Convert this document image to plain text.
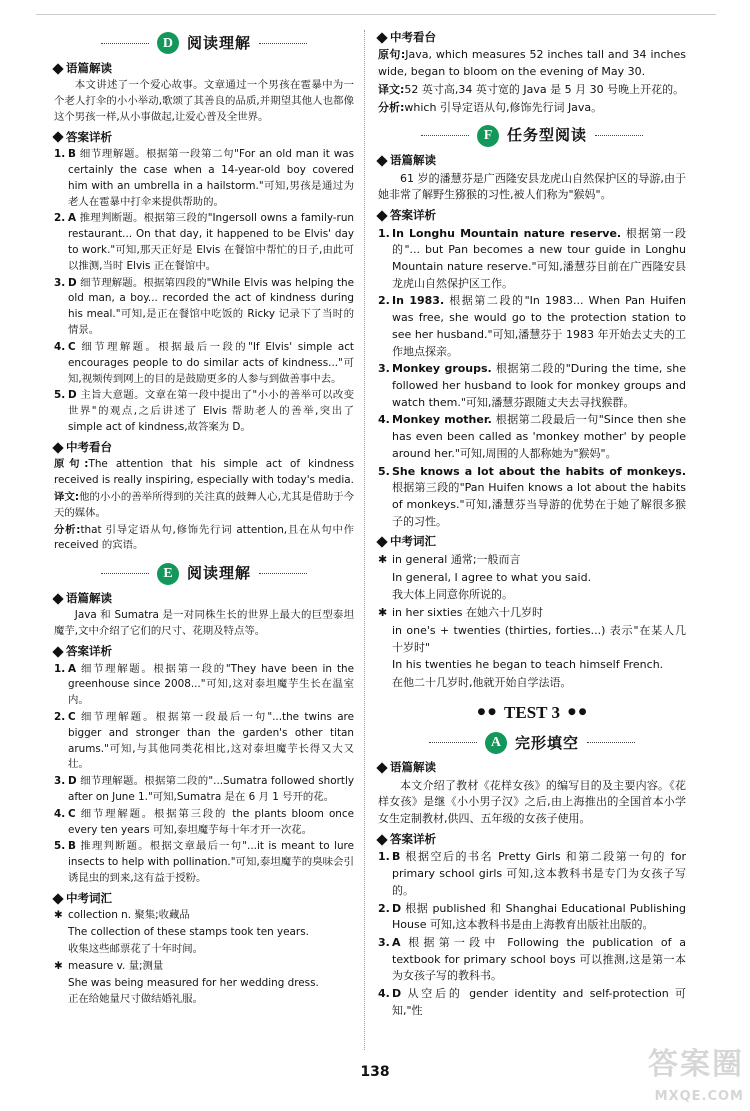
D 阅读理解
语篇解读

本文讲述了一个爱心故事。文章通过一个男孩在雹暴中为一个老人打伞的小小举动,歌颂了其善良的品质,并期望其他人也都像这个男孩一样,从小事做起,让爱心普及全世界。

答案详析
1. B 细节理解题。根据第一段第二句"For an old man it was certainly the case when a 14-year-old boy covered him with an umbrella in a hailstorm."可知,男孩是通过为老人在雹暴中打伞来提供帮助的。
2. A 推理判断题。根据第三段的"Ingersoll owns a family-run restaurant... On that day, it happened to be Elvis' day to work."可知,那天正好是 Elvis 在餐馆中帮忙的日子,由此可以推测,当时 Elvis 正在餐馆中。
3. D 细节理解题。根据第四段的"While Elvis was helping the old man, a boy... recorded the act of kindness during his meal."可知,是正在餐馆中吃饭的 Ricky 记录下了当时的情景。
4. C 细节理解题。根据最后一段的"If Elvis' simple act encourages people to do similar acts of kindness..."可知,视频传到网上的目的是鼓励更多的人参与到做善事中去。
5. D 主旨大意题。文章在第一段中提出了"小小的善举可以改变世界"的观点,之后讲述了 Elvis 帮助老人的善举,突出了 simple act of kindness,故答案为 D。
中考看台
原句:The attention that his simple act of kindness received is really inspiring, especially with today's media.
译文:他的小小的善举所得到的关注真的鼓舞人心,尤其是借助于今天的媒体。
分析:that 引导定语从句,修饰先行词 attention,且在从句中作 received 的宾语。
E 阅读理解
语篇解读

Java 和 Sumatra 是一对同株生长的世界上最大的巨型泰坦魔芋,文中介绍了它们的尺寸、花期及特点等。

答案详析
1. A 细节理解题。根据第一段的"They have been in the greenhouse since 2008..."可知,这对泰坦魔芋生长在温室内。
2. C 细节理解题。根据第一段最后一句"...the twins are bigger and stronger than the garden's other titan arums."可知,与其他同类花相比,这对泰坦魔芋长得又大又壮。
3. D 细节理解题。根据第二段的"...Sumatra followed shortly after on June 1."可知,Sumatra 是在 6 月 1 号开的花。
4. C 细节理解题。根据第三段的 the plants bloom once every ten years 可知,泰坦魔芋每十年才开一次花。
5. B 推理判断题。根据文章最后一句"...it is meant to lure insects to help with pollination."可知,泰坦魔芋的臭味会引诱昆虫的到来,这有益于授粉。
中考词汇
✱ collection n. 聚集;收藏品
The collection of these stamps took ten years.
收集这些邮票花了十年时间。
✱ measure v. 量;测量
She was being measured for her wedding dress.
正在给她量尺寸做结婚礼服。
中考看台
原句:Java, which measures 52 inches tall and 34 inches wide, began to bloom on the evening of May 30.
译文:52 英寸高,34 英寸宽的 Java 是 5 月 30 号晚上开花的。
分析:which 引导定语从句,修饰先行词 Java。
F 任务型阅读
语篇解读

61 岁的潘慧芬是广西隆安县龙虎山自然保护区的导游,由于她非常了解野生猕猴的习性,被人们称为"猴妈"。

答案详析
1. In Longhu Mountain nature reserve. 根据第一段的"... but Pan becomes a new tour guide in Longhu Mountain nature reserve."可知,潘慧芬目前在广西隆安县龙虎山自然保护区工作。
2. In 1983. 根据第二段的"In 1983... When Pan Huifen was free, she would go to the protection station to see her husband."可知,潘慧芬于 1983 年开始去丈夫的工作地点探亲。
3. Monkey groups. 根据第二段的"During the time, she followed her husband to look for monkey groups and watch them."可知,潘慧芬跟随丈夫去寻找猴群。
4. Monkey mother. 根据第二段最后一句"Since then she has even been called as 'monkey mother' by people around her."可知,周围的人都称她为"猴妈"。
5. She knows a lot about the habits of monkeys. 根据第三段的"Pan Huifen knows a lot about the habits of monkeys."可知,潘慧芬当导游的优势在于她了解很多猴子的习性。
中考词汇
✱ in general 通常;一般而言
In general, I agree to what you said.
我大体上同意你所说的。
✱ in her sixties 在她六十几岁时
in one's + twenties (thirties, forties...) 表示"在某人几十岁时"
In his twenties he began to teach himself French.
在他二十几岁时,他就开始自学法语。
● ● TEST 3 ● ●
A 完形填空
语篇解读

本文介绍了教材《花样女孩》的编写目的及主要内容。《花样女孩》是继《小小男子汉》之后,由上海推出的全国首本小学女生定制教材,供四、五年级的女孩子使用。

答案详析
1. B 根据空后的书名 Pretty Girls 和第二段第一句的 for primary school girls 可知,这本教科书是专门为女孩子写的。
2. D 根据 published 和 Shanghai Educational Publishing House 可知,这本教科书是由上海教育出版社出版的。
3. A 根据第一段中 Following the publication of a textbook for primary school boys 可以推测,这是第一本为女孩子写的教科书。
4. D 从空后的 gender identity and self-protection 可知,"性
138	答案圈
MXQE.COM
